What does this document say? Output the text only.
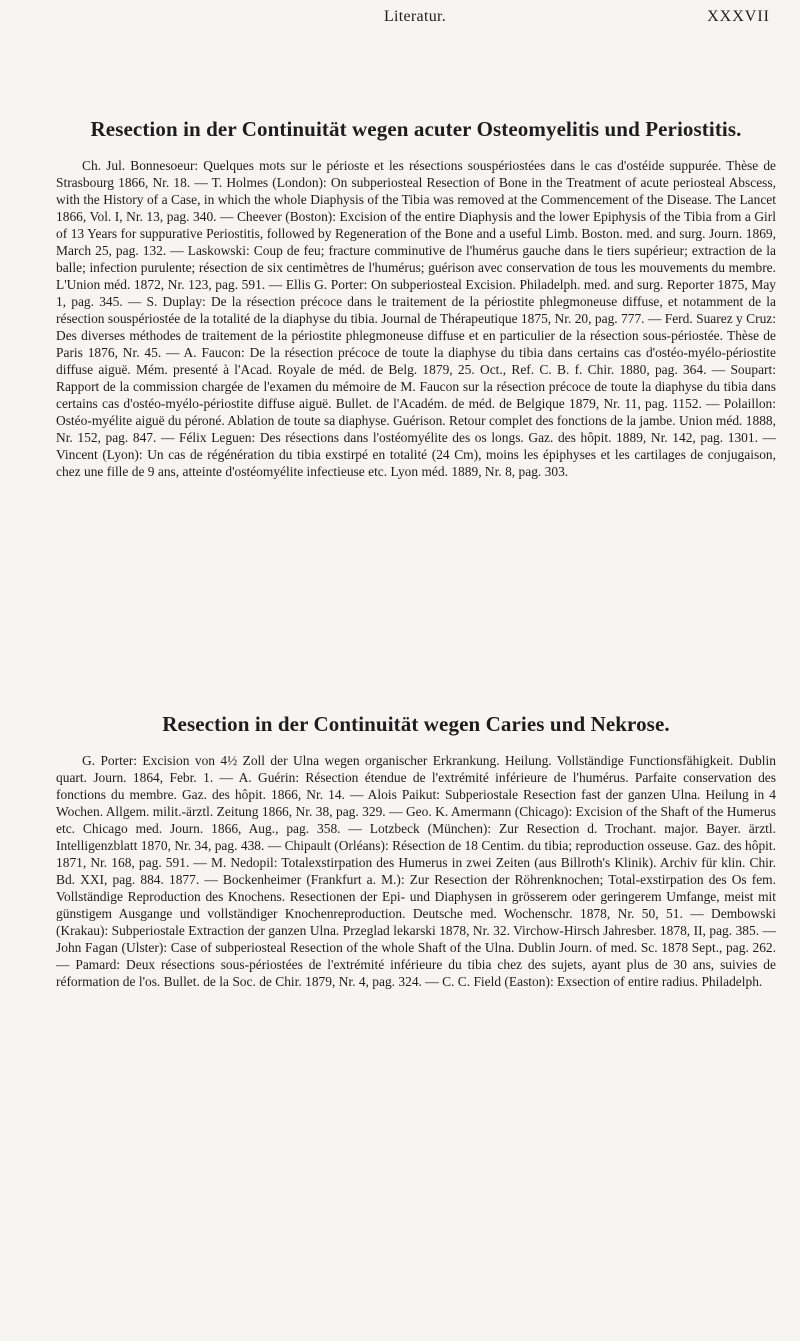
Literatur.	XXXVII
Resection in der Continuität wegen acuter Osteomyelitis und Periostitis.

Ch. Jul. Bonnesoeur: Quelques mots sur le périoste et les résections souspériostées dans le cas d'ostéide suppurée. Thèse de Strasbourg 1866, Nr. 18. — T. Holmes (London): On subperiosteal Resection of Bone in the Treatment of acute periosteal Abscess, with the History of a Case, in which the whole Diaphysis of the Tibia was removed at the Commencement of the Disease. The Lancet 1866, Vol. I, Nr. 13, pag. 340. — Cheever (Boston): Excision of the entire Diaphysis and the lower Epiphysis of the Tibia from a Girl of 13 Years for suppurative Periostitis, followed by Regeneration of the Bone and a useful Limb. Boston. med. and surg. Journ. 1869, March 25, pag. 132. — Laskowski: Coup de feu; fracture comminutive de l'humérus gauche dans le tiers supérieur; extraction de la balle; infection purulente; résection de six centimètres de l'humérus; guérison avec conservation de tous les mouvements du membre. L'Union méd. 1872, Nr. 123, pag. 591. — Ellis G. Porter: On subperiosteal Excision. Philadelph. med. and surg. Reporter 1875, May 1, pag. 345. — S. Duplay: De la résection précoce dans le traitement de la périostite phlegmoneuse diffuse, et notamment de la résection souspériostée de la totalité de la diaphyse du tibia. Journal de Thérapeutique 1875, Nr. 20, pag. 777. — Ferd. Suarez y Cruz: Des diverses méthodes de traitement de la périostite phlegmoneuse diffuse et en particulier de la résection sous-périostée. Thèse de Paris 1876, Nr. 45. — A. Faucon: De la résection précoce de toute la diaphyse du tibia dans certains cas d'ostéo-myélo-périostite diffuse aiguë. Mém. presenté à l'Acad. Royale de méd. de Belg. 1879, 25. Oct., Ref. C. B. f. Chir. 1880, pag. 364. — Soupart: Rapport de la commission chargée de l'examen du mémoire de M. Faucon sur la résection précoce de toute la diaphyse du tibia dans certains cas d'ostéo-myélo-périostite diffuse aiguë. Bullet. de l'Académ. de méd. de Belgique 1879, Nr. 11, pag. 1152. — Polaillon: Ostéo-myélite aiguë du péroné. Ablation de toute sa diaphyse. Guérison. Retour complet des fonctions de la jambe. Union méd. 1888, Nr. 152, pag. 847. — Félix Leguen: Des résections dans l'ostéomyélite des os longs. Gaz. des hôpit. 1889, Nr. 142, pag. 1301. — Vincent (Lyon): Un cas de régénération du tibia exstirpé en totalité (24 Cm), moins les épiphyses et les cartilages de conjugaison, chez une fille de 9 ans, atteinte d'ostéomyélite infectieuse etc. Lyon méd. 1889, Nr. 8, pag. 303.

Resection in der Continuität wegen Caries und Nekrose.

G. Porter: Excision von 4½ Zoll der Ulna wegen organischer Erkrankung. Heilung. Vollständige Functionsfähigkeit. Dublin quart. Journ. 1864, Febr. 1. — A. Guérin: Résection étendue de l'extrémité inférieure de l'humérus. Parfaite conservation des fonctions du membre. Gaz. des hôpit. 1866, Nr. 14. — Alois Paikut: Subperiostale Resection fast der ganzen Ulna. Heilung in 4 Wochen. Allgem. milit.-ärztl. Zeitung 1866, Nr. 38, pag. 329. — Geo. K. Amermann (Chicago): Excision of the Shaft of the Humerus etc. Chicago med. Journ. 1866, Aug., pag. 358. — Lotzbeck (München): Zur Resection d. Trochant. major. Bayer. ärztl. Intelligenzblatt 1870, Nr. 34, pag. 438. — Chipault (Orléans): Résection de 18 Centim. du tibia; reproduction osseuse. Gaz. des hôpit. 1871, Nr. 168, pag. 591. — M. Nedopil: Totalexstirpation des Humerus in zwei Zeiten (aus Billroth's Klinik). Archiv für klin. Chir. Bd. XXI, pag. 884. 1877. — Bockenheimer (Frankfurt a. M.): Zur Resection der Röhrenknochen; Total-exstirpation des Os fem. Vollständige Reproduction des Knochens. Resectionen der Epi- und Diaphysen in grösserem oder geringerem Umfange, meist mit günstigem Ausgange und vollständiger Knochenreproduction. Deutsche med. Wochenschr. 1878, Nr. 50, 51. — Dembowski (Krakau): Subperiostale Extraction der ganzen Ulna. Przeglad lekarski 1878, Nr. 32. Virchow-Hirsch Jahresber. 1878, II, pag. 385. — John Fagan (Ulster): Case of subperiosteal Resection of the whole Shaft of the Ulna. Dublin Journ. of med. Sc. 1878 Sept., pag. 262. — Pamard: Deux résections sous-périostées de l'extrémité inférieure du tibia chez des sujets, ayant plus de 30 ans, suivies de réformation de l'os. Bullet. de la Soc. de Chir. 1879, Nr. 4, pag. 324. — C. C. Field (Easton): Exsection of entire radius. Philadelph.
